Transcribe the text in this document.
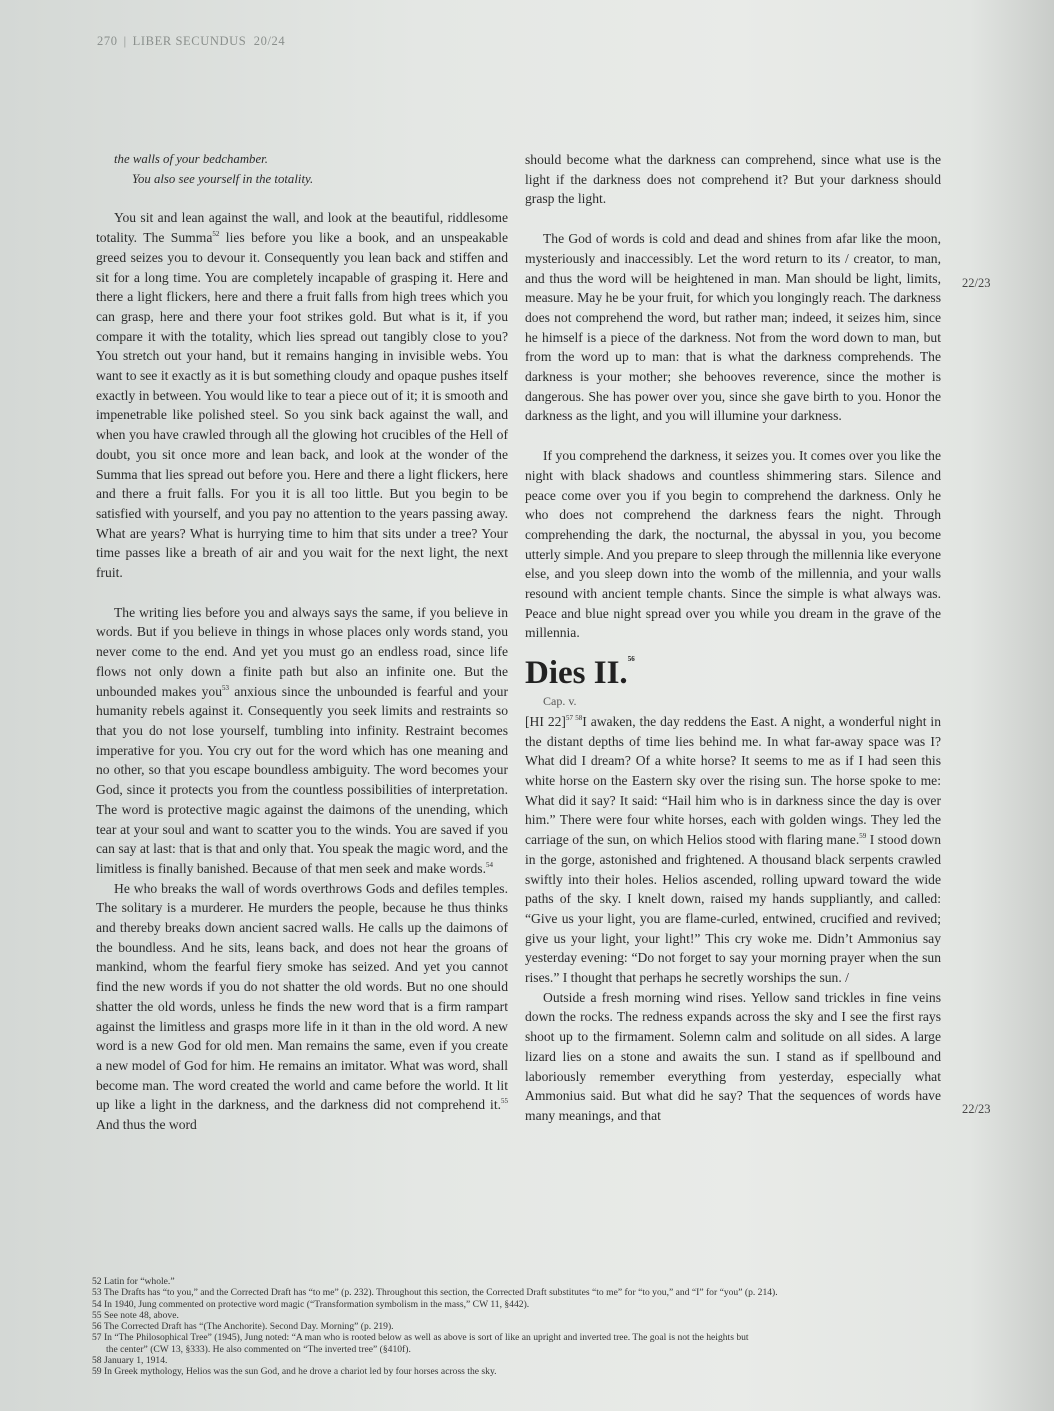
270 | LIBER SECUNDUS 20/24

the walls of your bedchamber.

You also see yourself in the totality.

You sit and lean against the wall, and look at the beautiful, riddlesome totality. The Summa$^{52}$ lies before you like a book, and an unspeakable greed seizes you to devour it. Consequently you lean back and stiffen and sit for a long time. You are completely incapable of grasping it. Here and there a light flickers, here and there a fruit falls from high trees which you can grasp, here and there your foot strikes gold. But what is it, if you compare it with the totality, which lies spread out tangibly close to you? You stretch out your hand, but it remains hanging in invisible webs. You want to see it exactly as it is but something cloudy and opaque pushes itself exactly in between. You would like to tear a piece out of it; it is smooth and impenetrable like polished steel. So you sink back against the wall, and when you have crawled through all the glowing hot crucibles of the Hell of doubt, you sit once more and lean back, and look at the wonder of the Summa that lies spread out before you. Here and there a light flickers, here and there a fruit falls. For you it is all too little. But you begin to be satisfied with yourself, and you pay no attention to the years passing away. What are years? What is hurrying time to him that sits under a tree? Your time passes like a breath of air and you wait for the next light, the next fruit.

The writing lies before you and always says the same, if you believe in words. But if you believe in things in whose places only words stand, you never come to the end. And yet you must go an endless road, since life flows not only down a finite path but also an infinite one. But the unbounded makes you$^{53}$ anxious since the unbounded is fearful and your humanity rebels against it. Consequently you seek limits and restraints so that you do not lose yourself, tumbling into infinity. Restraint becomes imperative for you. You cry out for the word which has one meaning and no other, so that you escape boundless ambiguity. The word becomes your God, since it protects you from the countless possibilities of interpretation. The word is protective magic against the daimons of the unending, which tear at your soul and want to scatter you to the winds. You are saved if you can say at last: that is that and only that. You speak the magic word, and the limitless is finally banished. Because of that men seek and make words.$^{54}$

He who breaks the wall of words overthrows Gods and defiles temples. The solitary is a murderer. He murders the people, because he thus thinks and thereby breaks down ancient sacred walls. He calls up the daimons of the boundless. And he sits, leans back, and does not hear the groans of mankind, whom the fearful fiery smoke has seized. And yet you cannot find the new words if you do not shatter the old words. But no one should shatter the old words, unless he finds the new word that is a firm rampart against the limitless and grasps more life in it than in the old word. A new word is a new God for old men. Man remains the same, even if you create a new model of God for him. He remains an imitator. What was word, shall become man. The word created the world and came before the world. It lit up like a light in the darkness, and the darkness did not comprehend it.$^{55}$ And thus the word

should become what the darkness can comprehend, since what use is the light if the darkness does not comprehend it? But your darkness should grasp the light.

The God of words is cold and dead and shines from afar like the moon, mysteriously and inaccessibly. Let the word return to its / creator, to man, and thus the word will be heightened in man. Man should be light, limits, measure. May he be your fruit, for which you longingly reach. The darkness does not comprehend the word, but rather man; indeed, it seizes him, since he himself is a piece of the darkness. Not from the word down to man, but from the word up to man: that is what the darkness comprehends. The darkness is your mother; she behooves reverence, since the mother is dangerous. She has power over you, since she gave birth to you. Honor the darkness as the light, and you will illumine your darkness.

If you comprehend the darkness, it seizes you. It comes over you like the night with black shadows and countless shimmering stars. Silence and peace come over you if you begin to comprehend the darkness. Only he who does not comprehend the darkness fears the night. Through comprehending the dark, the nocturnal, the abyssal in you, you become utterly simple. And you prepare to sleep through the millennia like everyone else, and you sleep down into the womb of the millennia, and your walls resound with ancient temple chants. Since the simple is what always was. Peace and blue night spread over you while you dream in the grave of the millennia.

Dies II.$^{56}$

Cap. v.

[HI 22]$^{57 58}$I awaken, the day reddens the East. A night, a wonderful night in the distant depths of time lies behind me. In what far-away space was I? What did I dream? Of a white horse? It seems to me as if I had seen this white horse on the Eastern sky over the rising sun. The horse spoke to me: What did it say? It said: “Hail him who is in darkness since the day is over him.” There were four white horses, each with golden wings. They led the carriage of the sun, on which Helios stood with flaring mane.$^{59}$ I stood down in the gorge, astonished and frightened. A thousand black serpents crawled swiftly into their holes. Helios ascended, rolling upward toward the wide paths of the sky. I knelt down, raised my hands suppliantly, and called: “Give us your light, you are flame-curled, entwined, crucified and revived; give us your light, your light!” This cry woke me. Didn’t Ammonius say yesterday evening: “Do not forget to say your morning prayer when the sun rises.” I thought that perhaps he secretly worships the sun. /

Outside a fresh morning wind rises. Yellow sand trickles in fine veins down the rocks. The redness expands across the sky and I see the first rays shoot up to the firmament. Solemn calm and solitude on all sides. A large lizard lies on a stone and awaits the sun. I stand as if spellbound and laboriously remember everything from yesterday, especially what Ammonius said. But what did he say? That the sequences of words have many meanings, and that

22/23
22/23

52 Latin for “whole.”

53 The Drafts has “to you,” and the Corrected Draft has “to me” (p. 232). Throughout this section, the Corrected Draft substitutes “to me” for “to you,” and “I” for “you” (p. 214).

54 In 1940, Jung commented on protective word magic (“Transformation symbolism in the mass,” CW 11, §442).

55 See note 48, above.

56 The Corrected Draft has “(The Anchorite). Second Day. Morning” (p. 219).

57 In “The Philosophical Tree” (1945), Jung noted: “A man who is rooted below as well as above is sort of like an upright and inverted tree. The goal is not the heights but
the center” (CW 13, §333). He also commented on “The inverted tree” (§410f).

58 January 1, 1914.

59 In Greek mythology, Helios was the sun God, and he drove a chariot led by four horses across the sky.
